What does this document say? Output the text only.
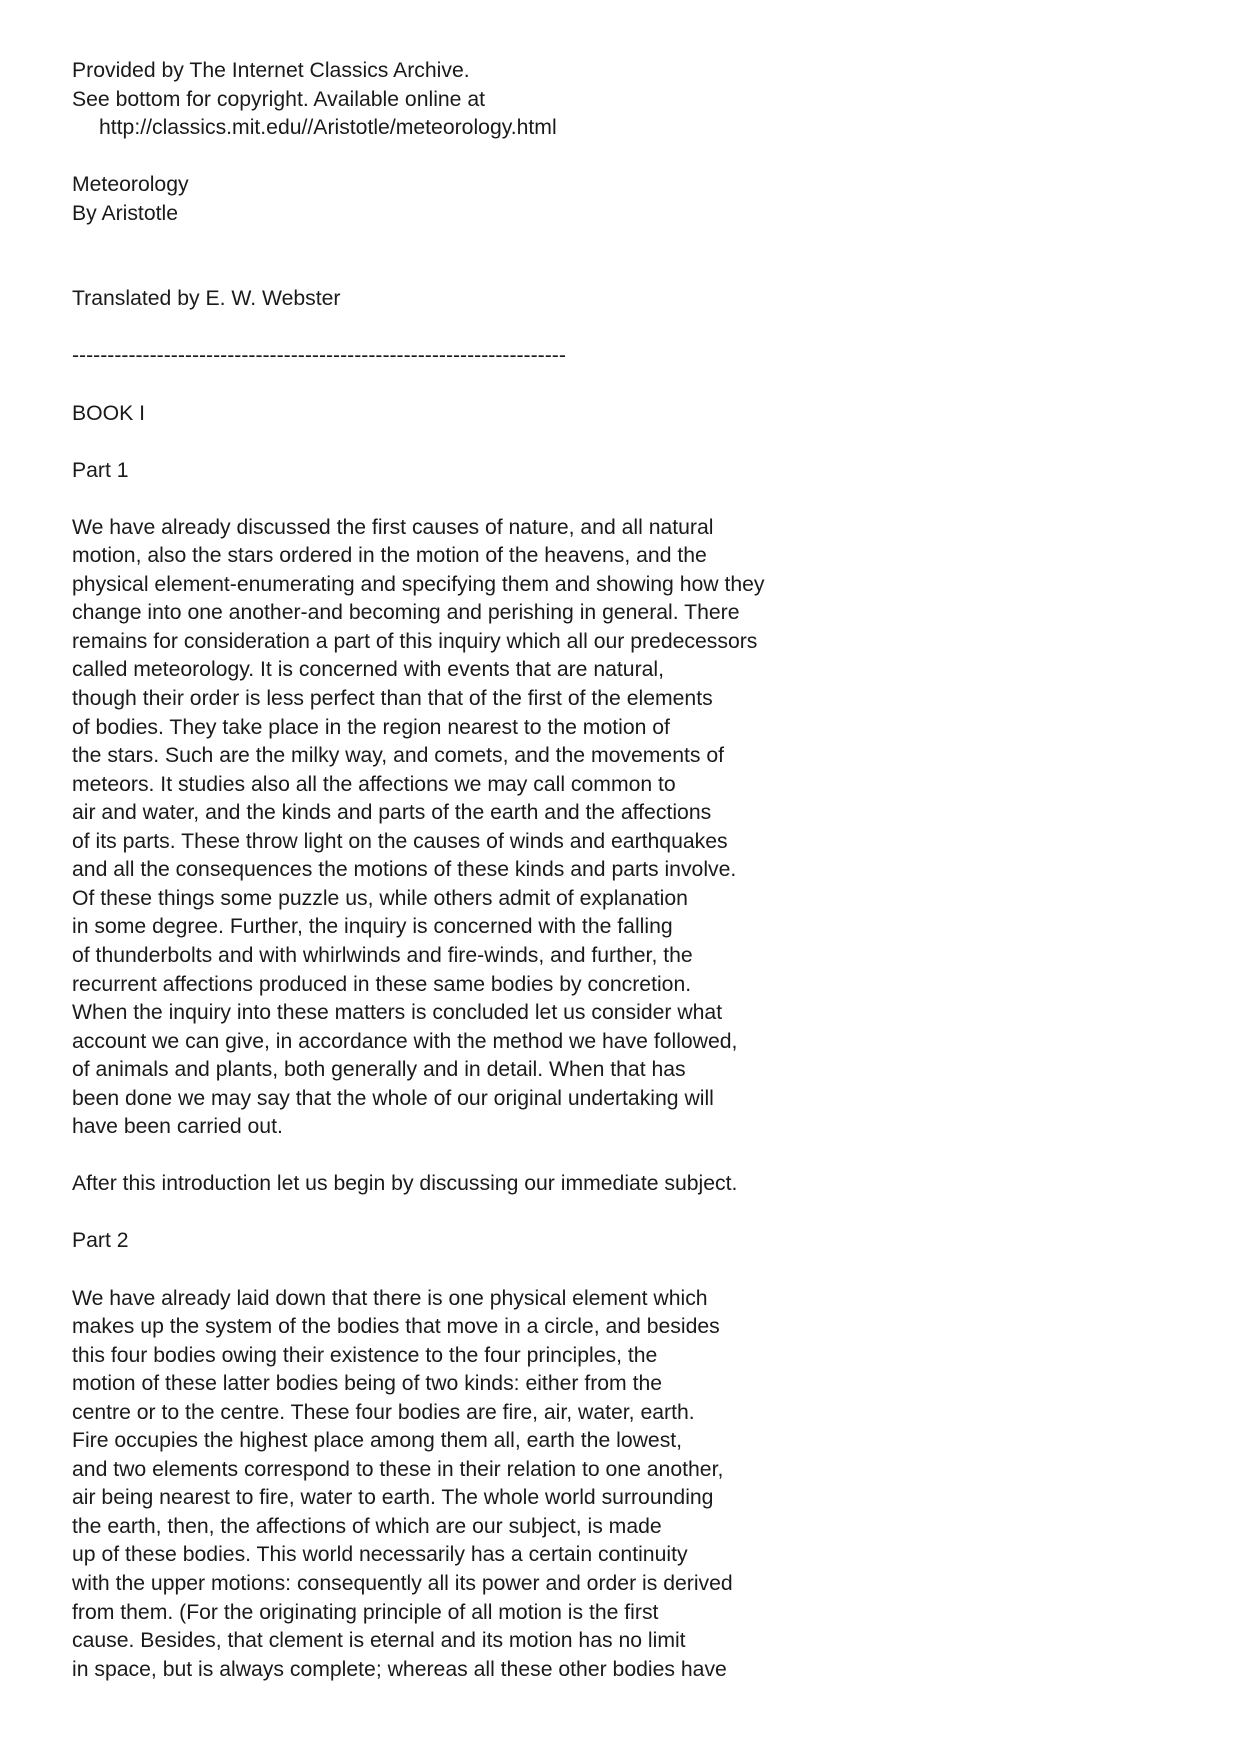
Provided by The Internet Classics Archive.
See bottom for copyright. Available online at
http://classics.mit.edu//Aristotle/meteorology.html
Meteorology
By Aristotle
Translated by E. W. Webster
----------------------------------------------------------------------
BOOK I
Part 1
We have already discussed the first causes of nature, and all natural
motion, also the stars ordered in the motion of the heavens, and the
physical element-enumerating and specifying them and showing how they
change into one another-and becoming and perishing in general. There
remains for consideration a part of this inquiry which all our predecessors
called meteorology. It is concerned with events that are natural,
though their order is less perfect than that of the first of the elements
of bodies. They take place in the region nearest to the motion of
the stars. Such are the milky way, and comets, and the movements of
meteors. It studies also all the affections we may call common to
air and water, and the kinds and parts of the earth and the affections
of its parts. These throw light on the causes of winds and earthquakes
and all the consequences the motions of these kinds and parts involve.
Of these things some puzzle us, while others admit of explanation
in some degree. Further, the inquiry is concerned with the falling
of thunderbolts and with whirlwinds and fire-winds, and further, the
recurrent affections produced in these same bodies by concretion.
When the inquiry into these matters is concluded let us consider what
account we can give, in accordance with the method we have followed,
of animals and plants, both generally and in detail. When that has
been done we may say that the whole of our original undertaking will
have been carried out.
After this introduction let us begin by discussing our immediate subject.
Part 2
We have already laid down that there is one physical element which
makes up the system of the bodies that move in a circle, and besides
this four bodies owing their existence to the four principles, the
motion of these latter bodies being of two kinds: either from the
centre or to the centre. These four bodies are fire, air, water, earth.
Fire occupies the highest place among them all, earth the lowest,
and two elements correspond to these in their relation to one another,
air being nearest to fire, water to earth. The whole world surrounding
the earth, then, the affections of which are our subject, is made
up of these bodies. This world necessarily has a certain continuity
with the upper motions: consequently all its power and order is derived
from them. (For the originating principle of all motion is the first
cause. Besides, that clement is eternal and its motion has no limit
in space, but is always complete; whereas all these other bodies have
